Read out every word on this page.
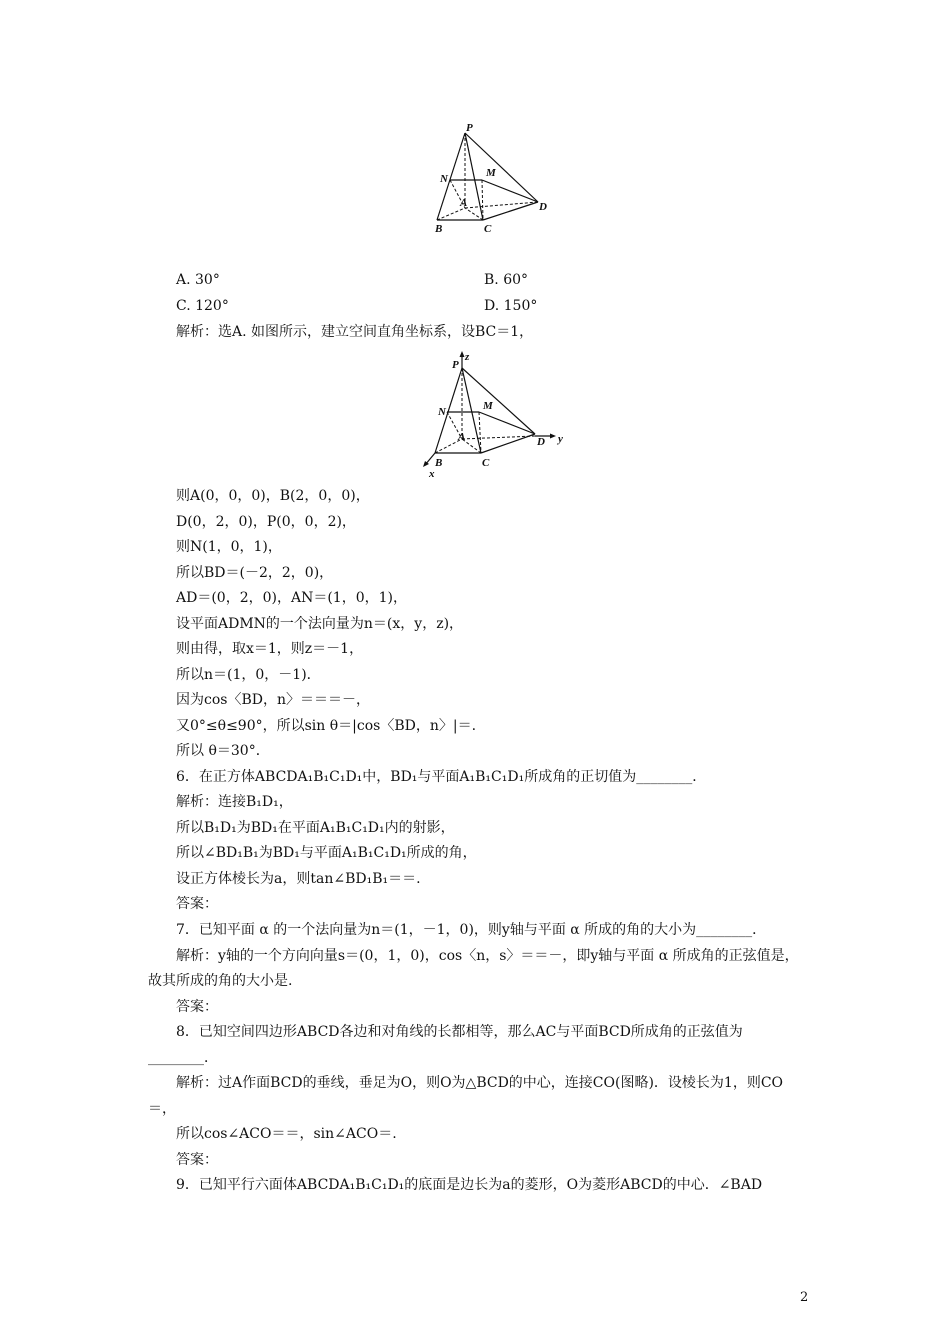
P
N	M
A	D
B	C
A. 30°	B. 60°
C. 120°	D. 150°
解析：选A. 如图所示，建立空间直角坐标系，设BC＝1，
P
z
N	M
A	D y
B	C
x
则A(0，0，0)，B(2，0，0)，
D(0，2，0)，P(0，0，2)，
则N(1，0，1)，
所以BD＝(－2，2，0)，
AD＝(0，2，0)，AN＝(1，0，1)，
设平面ADMN的一个法向量为n＝(x，y，z)，
则由得，取x＝1，则z＝－1，
所以n＝(1，0，－1)．
因为cos〈BD，n〉＝＝＝－，
又0°≤θ≤90°，所以sin θ＝|cos〈BD，n〉|＝.
所以 θ＝30°．
6．在正方体ABCDA₁B₁C₁D₁中，BD₁与平面A₁B₁C₁D₁所成角的正切值为________．
解析：连接B₁D₁，
所以B₁D₁为BD₁在平面A₁B₁C₁D₁内的射影，
所以∠BD₁B₁为BD₁与平面A₁B₁C₁D₁所成的角，
设正方体棱长为a，则tan∠BD₁B₁＝＝.
答案：
7．已知平面 α 的一个法向量为n＝(1，－1，0)，则y轴与平面 α 所成的角的大小为________．
解析：y轴的一个方向向量s＝(0，1，0)，cos〈n，s〉＝＝－，即y轴与平面 α 所成角的正弦值是，故其所成的角的大小是.
答案：
8．已知空间四边形ABCD各边和对角线的长都相等，那么AC与平面BCD所成角的正弦值为________．
解析：过A作面BCD的垂线，垂足为O，则O为△BCD的中心，连接CO(图略)．设棱长为1，则CO＝，
所以cos∠ACO＝＝，sin∠ACO＝.
答案：
9．已知平行六面体ABCDA₁B₁C₁D₁的底面是边长为a的菱形，O为菱形ABCD的中心．∠BAD
2
